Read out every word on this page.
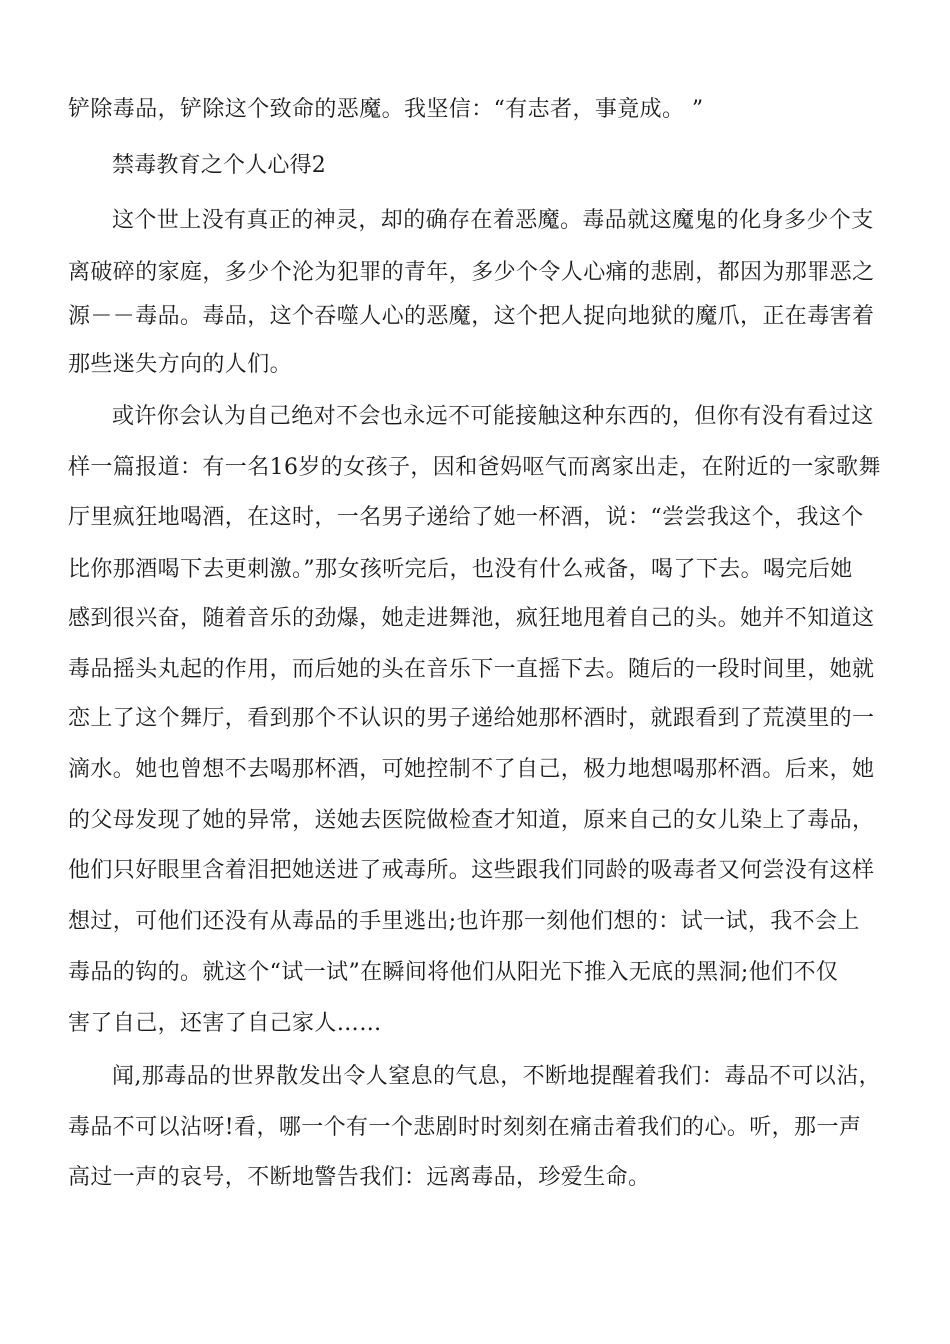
铲除毒品，铲除这个致命的恶魔。我坚信：“有志者，事竟成。 ”
禁毒教育之个人心得2
这个世上没有真正的神灵，却的确存在着恶魔。毒品就这魔鬼的化身多少个支
离破碎的家庭，多少个沦为犯罪的青年，多少个令人心痛的悲剧，都因为那罪恶之
源－－毒品。毒品，这个吞噬人心的恶魔，这个把人捉向地狱的魔爪，正在毒害着
那些迷失方向的人们。
或许你会认为自己绝对不会也永远不可能接触这种东西的，但你有没有看过这
样一篇报道：有一名16岁的女孩子，因和爸妈呕气而离家出走，在附近的一家歌舞
厅里疯狂地喝酒，在这时，一名男子递给了她一杯酒，说：“尝尝我这个，我这个
比你那酒喝下去更刺激。”那女孩听完后，也没有什么戒备，喝了下去。喝完后她
感到很兴奋，随着音乐的劲爆，她走进舞池，疯狂地甩着自己的头。她并不知道这
毒品摇头丸起的作用，而后她的头在音乐下一直摇下去。随后的一段时间里，她就
恋上了这个舞厅，看到那个不认识的男子递给她那杯酒时，就跟看到了荒漠里的一
滴水。她也曾想不去喝那杯酒，可她控制不了自己，极力地想喝那杯酒。后来，她
的父母发现了她的异常，送她去医院做检查才知道，原来自己的女儿染上了毒品，
他们只好眼里含着泪把她送进了戒毒所。这些跟我们同龄的吸毒者又何尝没有这样
想过，可他们还没有从毒品的手里逃出;也许那一刻他们想的：试一试，我不会上
毒品的钩的。就这个“试一试”在瞬间将他们从阳光下推入无底的黑洞;他们不仅
害了自己，还害了自己家人……
闻,那毒品的世界散发出令人窒息的气息，不断地提醒着我们：毒品不可以沾，
毒品不可以沾呀!看，哪一个有一个悲剧时时刻刻在痛击着我们的心。听，那一声
高过一声的哀号，不断地警告我们：远离毒品，珍爱生命。
